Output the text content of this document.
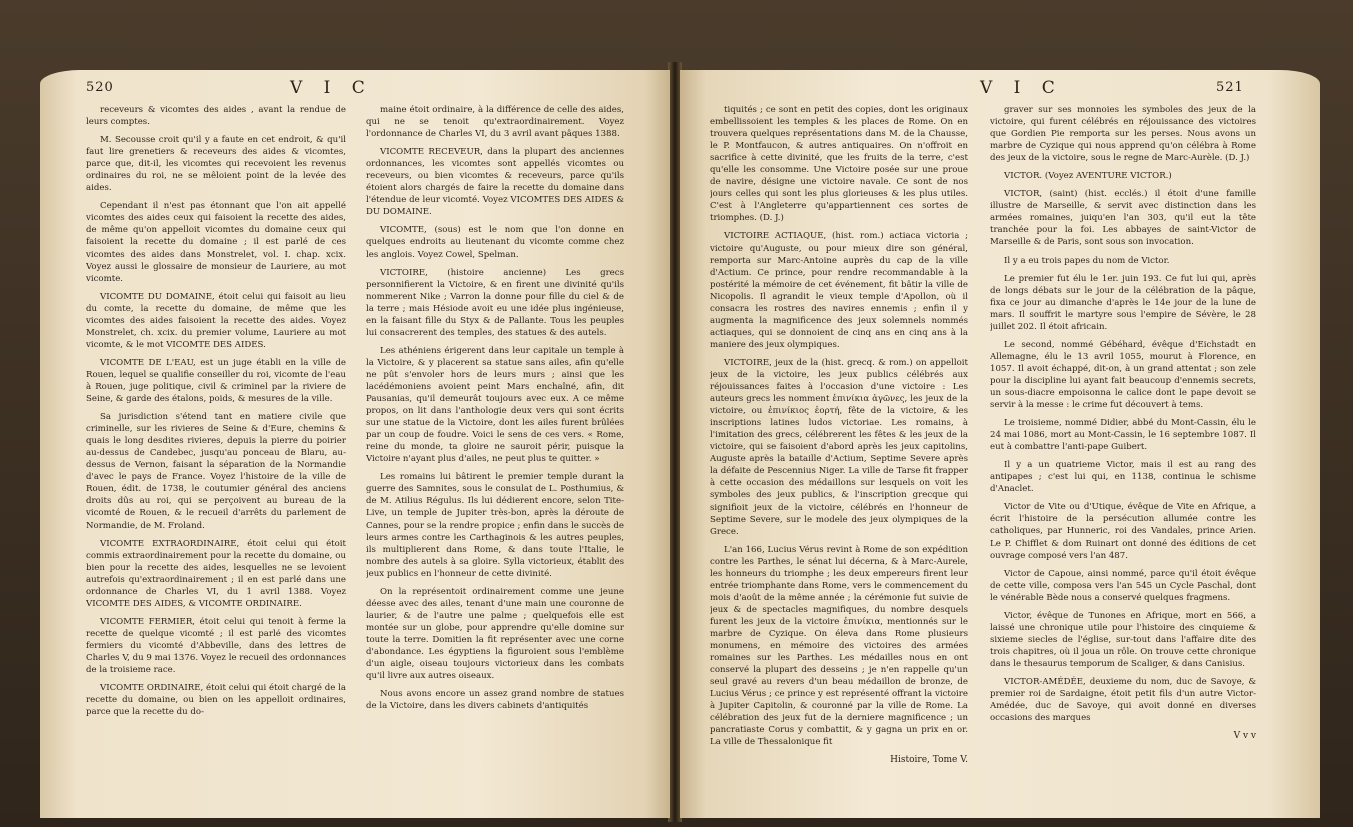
520	V I C

receveurs & vicomtes des aides , avant la rendue de leurs comptes.

M. Secousse croit qu'il y a faute en cet endroit, & qu'il faut lire grenetiers & receveurs des aides & vicomtes, parce que, dit-il, les vicomtes qui recevoient les revenus ordinaires du roi, ne se mêloient point de la levée des aides.

Cependant il n'est pas étonnant que l'on ait appellé vicomtes des aides ceux qui faisoient la recette des aides, de même qu'on appelloit vicomtes du domaine ceux qui faisoient la recette du domaine ; il est parlé de ces vicomtes des aides dans Monstrelet, vol. I. chap. xcix. Voyez aussi le glossaire de monsieur de Lauriere, au mot vicomte.

VICOMTE DU DOMAINE, étoit celui qui faisoit au lieu du comte, la recette du domaine, de même que les vicomtes des aides faisoient la recette des aides. Voyez Monstrelet, ch. xcix. du premier volume, Lauriere au mot vicomte, & le mot VICOMTE DES AIDES.

VICOMTE DE L'EAU, est un juge établi en la ville de Rouen, lequel se qualifie conseiller du roi, vicomte de l'eau à Rouen, juge politique, civil & criminel par la riviere de Seine, & garde des étalons, poids, & mesures de la ville.

Sa jurisdiction s'étend tant en matiere civile que criminelle, sur les rivieres de Seine & d'Eure, chemins & quais le long desdites rivieres, depuis la pierre du poirier au-dessus de Candebec, jusqu'au ponceau de Blaru, au-dessus de Vernon, faisant la séparation de la Normandie d'avec le pays de France. Voyez l'histoire de la ville de Rouen, édit. de 1738, le coutumier général des anciens droits dûs au roi, qui se perçoivent au bureau de la vicomté de Rouen, & le recueil d'arrêts du parlement de Normandie, de M. Froland.

VICOMTE EXTRAORDINAIRE, étoit celui qui étoit commis extraordinairement pour la recette du domaine, ou bien pour la recette des aides, lesquelles ne se levoient autrefois qu'extraordinairement ; il en est parlé dans une ordonnance de Charles VI, du 1 avril 1388. Voyez VICOMTE DES AIDES, & VICOMTE ORDINAIRE.

VICOMTE FERMIER, étoit celui qui tenoit à ferme la recette de quelque vicomté ; il est parlé des vicomtes fermiers du vicomté d'Abbeville, dans des lettres de Charles V, du 9 mai 1376. Voyez le recueil des ordonnances de la troisieme race.

VICOMTE ORDINAIRE, étoit celui qui étoit chargé de la recette du domaine, ou bien on les appelloit ordinaires, parce que la recette du do-

maine étoit ordinaire, à la différence de celle des aides, qui ne se tenoit qu'extraordinairement. Voyez l'ordonnance de Charles VI, du 3 avril avant pâques 1388.

VICOMTE RECEVEUR, dans la plupart des anciennes ordonnances, les vicomtes sont appellés vicomtes ou receveurs, ou bien vicomtes & receveurs, parce qu'ils étoient alors chargés de faire la recette du domaine dans l'étendue de leur vicomté. Voyez VICOMTES DES AIDES & DU DOMAINE.

VICOMTE, (sous) est le nom que l'on donne en quelques endroits au lieutenant du vicomte comme chez les anglois. Voyez Cowel, Spelman.

VICTOIRE, (histoire ancienne) Les grecs personnifierent la Victoire, & en firent une divinité qu'ils nommerent Nike ; Varron la donne pour fille du ciel & de la terre ; mais Hésiode avoit eu une idée plus ingénieuse, en la faisant fille du Styx & de Pallante. Tous les peuples lui consacrerent des temples, des statues & des autels.

Les athéniens érigerent dans leur capitale un temple à la Victoire, & y placerent sa statue sans ailes, afin qu'elle ne pût s'envoler hors de leurs murs ; ainsi que les lacédémoniens avoient peint Mars enchaîné, afin, dit Pausanias, qu'il demeurât toujours avec eux. A ce même propos, on lit dans l'anthologie deux vers qui sont écrits sur une statue de la Victoire, dont les ailes furent brûlées par un coup de foudre. Voici le sens de ces vers. « Rome, reine du monde, ta gloire ne sauroit périr, puisque la Victoire n'ayant plus d'ailes, ne peut plus te quitter. »

Les romains lui bâtirent le premier temple durant la guerre des Samnites, sous le consulat de L. Posthumius, & de M. Atilius Régulus. Ils lui dédierent encore, selon Tite-Live, un temple de Jupiter très-bon, après la déroute de Cannes, pour se la rendre propice ; enfin dans le succès de leurs armes contre les Carthaginois & les autres peuples, ils multiplierent dans Rome, & dans toute l'Italie, le nombre des autels à sa gloire. Sylla victorieux, établit des jeux publics en l'honneur de cette divinité.

On la représentoit ordinairement comme une jeune déesse avec des ailes, tenant d'une main une couronne de laurier, & de l'autre une palme ; quelquefois elle est montée sur un globe, pour apprendre qu'elle domine sur toute la terre. Domitien la fit représenter avec une corne d'abondance. Les égyptiens la figuroient sous l'emblème d'un aigle, oiseau toujours victorieux dans les combats qu'il livre aux autres oiseaux.

Nous avons encore un assez grand nombre de statues de la Victoire, dans les divers cabinets d'antiquités

V I C	521

tiquités ; ce sont en petit des copies, dont les originaux embellissoient les temples & les places de Rome. On en trouvera quelques représentations dans M. de la Chausse, le P. Montfaucon, & autres antiquaires. On n'offroit en sacrifice à cette divinité, que les fruits de la terre, c'est qu'elle les consomme. Une Victoire posée sur une proue de navire, désigne une victoire navale. Ce sont de nos jours celles qui sont les plus glorieuses & les plus utiles. C'est à l'Angleterre qu'appartiennent ces sortes de triomphes. (D. J.)

VICTOIRE ACTIAQUE, (hist. rom.) actiaca victoria ; victoire qu'Auguste, ou pour mieux dire son général, remporta sur Marc-Antoine auprès du cap de la ville d'Actium. Ce prince, pour rendre recommandable à la postérité la mémoire de cet événement, fit bâtir la ville de Nicopolis. Il agrandit le vieux temple d'Apollon, où il consacra les rostres des navires ennemis ; enfin il y augmenta la magnificence des jeux solemnels nommés actiaques, qui se donnoient de cinq ans en cinq ans à la maniere des jeux olympiques.

VICTOIRE, jeux de la (hist. grecq. & rom.) on appelloit jeux de la victoire, les jeux publics célébrés aux réjouissances faites à l'occasion d'une victoire : Les auteurs grecs les nomment ἐπινίκια ἀγῶνες, les jeux de la victoire, ou ἐπινίκιος ἑορτή, fête de la victoire, & les inscriptions latines ludos victoriae. Les romains, à l'imitation des grecs, célébrerent les fêtes & les jeux de la victoire, qui se faisoient d'abord après les jeux capitolins, Auguste après la bataille d'Actium, Septime Severe après la défaite de Pescennius Niger. La ville de Tarse fit frapper à cette occasion des médaillons sur lesquels on voit les symboles des jeux publics, & l'inscription grecque qui signifioit jeux de la victoire, célébrés en l'honneur de Septime Severe, sur le modele des jeux olympiques de la Grece.

L'an 166, Lucius Vérus revint à Rome de son expédition contre les Parthes, le sénat lui décerna, & à Marc-Aurele, les honneurs du triomphe ; les deux empereurs firent leur entrée triomphante dans Rome, vers le commencement du mois d'août de la même année ; la cérémonie fut suivie de jeux & de spectacles magnifiques, du nombre desquels furent les jeux de la victoire ἐπινίκια, mentionnés sur le marbre de Cyzique. On éleva dans Rome plusieurs monumens, en mémoire des victoires des armées romaines sur les Parthes. Les médailles nous en ont conservé la plupart des desseins ; je n'en rappelle qu'un seul gravé au revers d'un beau médaillon de bronze, de Lucius Vérus ; ce prince y est représenté offrant la victoire à Jupiter Capitolin, & couronné par la ville de Rome. La célébration des jeux fut de la derniere magnificence ; un pancratiaste Corus y combattit, & y gagna un prix en or. La ville de Thessalonique fit

Histoire, Tome V.

graver sur ses monnoies les symboles des jeux de la victoire, qui furent célébrés en réjouissance des victoires que Gordien Pie remporta sur les perses. Nous avons un marbre de Cyzique qui nous apprend qu'on célébra à Rome des jeux de la victoire, sous le regne de Marc-Aurèle. (D. J.)

VICTOR. (Voyez AVENTURE VICTOR.)

VICTOR, (saint) (hist. ecclés.) il étoit d'une famille illustre de Marseille, & servit avec distinction dans les armées romaines, juiqu'en l'an 303, qu'il eut la tête tranchée pour la foi. Les abbayes de saint-Victor de Marseille & de Paris, sont sous son invocation.

Il y a eu trois papes du nom de Victor.

Le premier fut élu le 1er. juin 193. Ce fut lui qui, après de longs débats sur le jour de la célébration de la pâque, fixa ce jour au dimanche d'après le 14e jour de la lune de mars. Il souffrit le martyre sous l'empire de Sévère, le 28 juillet 202. Il étoit africain.

Le second, nommé Gébéhard, évêque d'Eichstadt en Allemagne, élu le 13 avril 1055, mourut à Florence, en 1057. Il avoit échappé, dit-on, à un grand attentat ; son zele pour la discipline lui ayant fait beaucoup d'ennemis secrets, un sous-diacre empoisonna le calice dont le pape devoit se servir à la messe : le crime fut découvert à tems.

Le troisieme, nommé Didier, abbé du Mont-Cassin, élu le 24 mai 1086, mort au Mont-Cassin, le 16 septembre 1087. Il eut à combattre l'anti-pape Guibert.

Il y a un quatrieme Victor, mais il est au rang des antipapes ; c'est lui qui, en 1138, continua le schisme d'Anaclet.

Victor de Vite ou d'Utique, évêque de Vite en Afrique, a écrit l'histoire de la persécution allumée contre les catholiques, par Hunneric, roi des Vandales, prince Arien. Le P. Chifflet & dom Ruinart ont donné des éditions de cet ouvrage composé vers l'an 487.

Victor de Capoue, ainsi nommé, parce qu'il étoit évêque de cette ville, composa vers l'an 545 un Cycle Paschal, dont le vénérable Bède nous a conservé quelques fragmens.

Victor, évêque de Tunones en Afrique, mort en 566, a laissé une chronique utile pour l'histoire des cinquieme & sixieme siecles de l'église, sur-tout dans l'affaire dite des trois chapitres, où il joua un rôle. On trouve cette chronique dans le thesaurus temporum de Scaliger, & dans Canisius.

VICTOR-AMÉDÉE, deuxieme du nom, duc de Savoye, & premier roi de Sardaigne, étoit petit fils d'un autre Victor-Amédée, duc de Savoye, qui avoit donné en diverses occasions des marques

V v v
